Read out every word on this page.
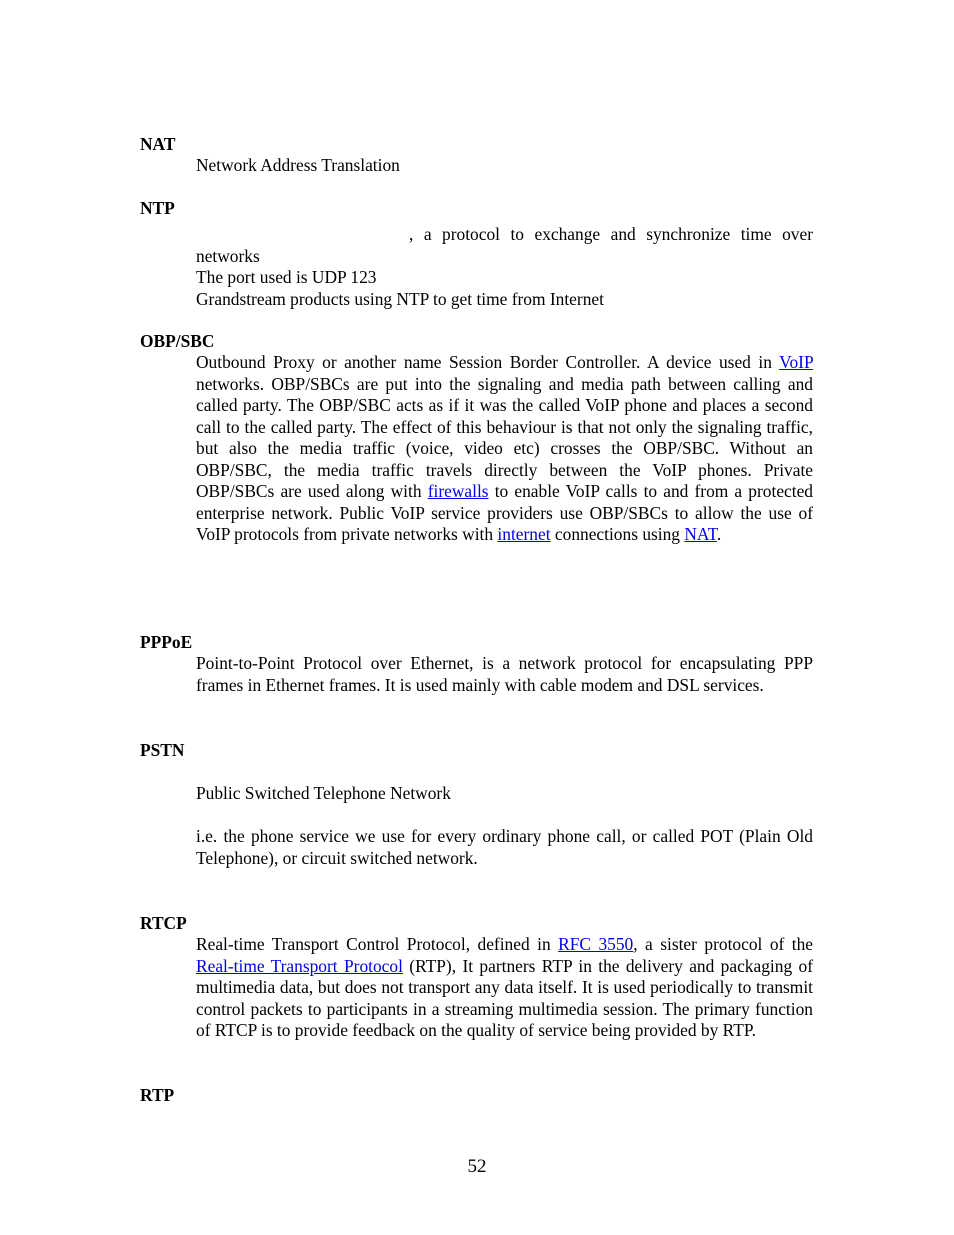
NAT
Network Address Translation
NTP
, a protocol to exchange and synchronize time over
networks
The port used is UDP 123
Grandstream products using NTP to get time from Internet
OBP/SBC
Outbound Proxy or another name Session Border Controller. A device used in VoIP networks. OBP/SBCs are put into the signaling and media path between calling and called party. The OBP/SBC acts as if it was the called VoIP phone and places a second call to the called party. The effect of this behaviour is that not only the signaling traffic, but also the media traffic (voice, video etc) crosses the OBP/SBC. Without an OBP/SBC, the media traffic travels directly between the VoIP phones. Private OBP/SBCs are used along with firewalls to enable VoIP calls to and from a protected enterprise network. Public VoIP service providers use OBP/SBCs to allow the use of VoIP protocols from private networks with internet connections using NAT.
PPPoE
Point-to-Point Protocol over Ethernet, is a network protocol for encapsulating PPP frames in Ethernet frames. It is used mainly with cable modem and DSL services.
PSTN
Public Switched Telephone Network
i.e. the phone service we use for every ordinary phone call, or called POT (Plain Old Telephone), or circuit switched network.
RTCP
Real-time Transport Control Protocol, defined in RFC 3550, a sister protocol of the Real-time Transport Protocol (RTP), It partners RTP in the delivery and packaging of multimedia data, but does not transport any data itself. It is used periodically to transmit control packets to participants in a streaming multimedia session. The primary function of RTCP is to provide feedback on the quality of service being provided by RTP.
RTP
52
